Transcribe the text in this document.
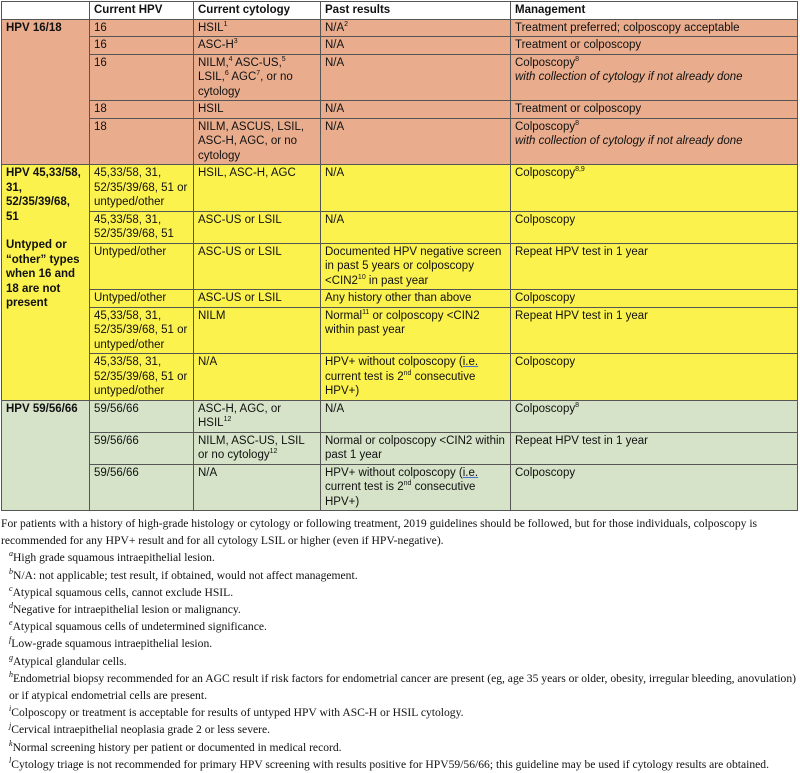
	Current HPV	Current cytology	Past results	Management
HPV 16/18	16	HSIL$^1$	$N/A^2$	Treatment preferred; colposcopy acceptable
	16	ASC-$H^3$	N/A	Treatment or colposcopy
	16	NILM,$^4$ ASC-US,$^5$ LSIL,$^6$ AGC$^7$, or no cytology	N/A	Colposcopy$^8$
with collection of cytology if not already done

	18	HSIL	N/A	Treatment or colposcopy
	18	NILM, ASCUS, LSIL, ASC-H, AGC, or no cytology	N/A	Colposcopy$^8$
with collection of cytology if not already done

HPV 45,33/58, 31, 52/35/39/68, 51
Untyped or “other” types when 16 and 18 are not present	45,33/58, 31, 52/35/39/68, 51 or untyped/other	HSIL, ASC-H, AGC	N/A	Colposcopy$^{8,9}$
	45,33/58, 31, 52/35/39/68, 51	ASC-US or LSIL	N/A	Colposcopy
	Untyped/other	ASC-US or LSIL	Documented HPV negative screen in past 5 years or colposcopy $<CIN2^{10}$ in past year	Repeat HPV test in 1 year
	Untyped/other	ASC-US or LSIL	Any history other than above	Colposcopy
	45,33/58, 31, 52/35/39/68, 51 or untyped/other	NILM	Normal$^{11}$ or colposcopy <CIN2 within past year	Repeat HPV test in 1 year
	45,33/58, 31, 52/35/39/68, 51 or untyped/other	N/A	HPV+ without colposcopy (i.e. current test is 2nd consecutive HPV+)	Colposcopy
HPV 59/56/66	59/56/66	ASC-H, AGC, or HSIL$^{12}$	N/A	Colposcopy$^8$
	59/56/66	NILM, ASC-US, LSIL or no cytology$^{12}$	Normal or colposcopy <CIN2 within past 1 year	Repeat HPV test in 1 year
	59/56/66	N/A	HPV+ without colposcopy (i.e. current test is 2nd consecutive HPV+)	Colposcopy

For patients with a history of high-grade histology or cytology or following treatment, 2019 guidelines should be followed, but for those individuals, colposcopy is recommended for any HPV+ result and for all cytology LSIL or higher (even if HPV-negative).

$^a$High grade squamous intraepithelial lesion.

$^b$N/A: not applicable; test result, if obtained, would not affect management.

$^c$Atypical squamous cells, cannot exclude HSIL.

$^d$Negative for intraepithelial lesion or malignancy.

$^e$Atypical squamous cells of undetermined significance.

$^f$Low-grade squamous intraepithelial lesion.

$^g$Atypical glandular cells.

$^h$Endometrial biopsy recommended for an AGC result if risk factors for endometrial cancer are present (eg, age 35 years or older, obesity, irregular bleeding, anovulation) or if atypical endometrial cells are present.

$^i$Colposcopy or treatment is acceptable for results of untyped HPV with ASC-H or HSIL cytology.

$^j$Cervical intraepithelial neoplasia grade 2 or less severe.

$^k$Normal screening history per patient or documented in medical record.

$^l$Cytology triage is not recommended for primary HPV screening with results positive for HPV59/56/66; this guideline may be used if cytology results are obtained.
